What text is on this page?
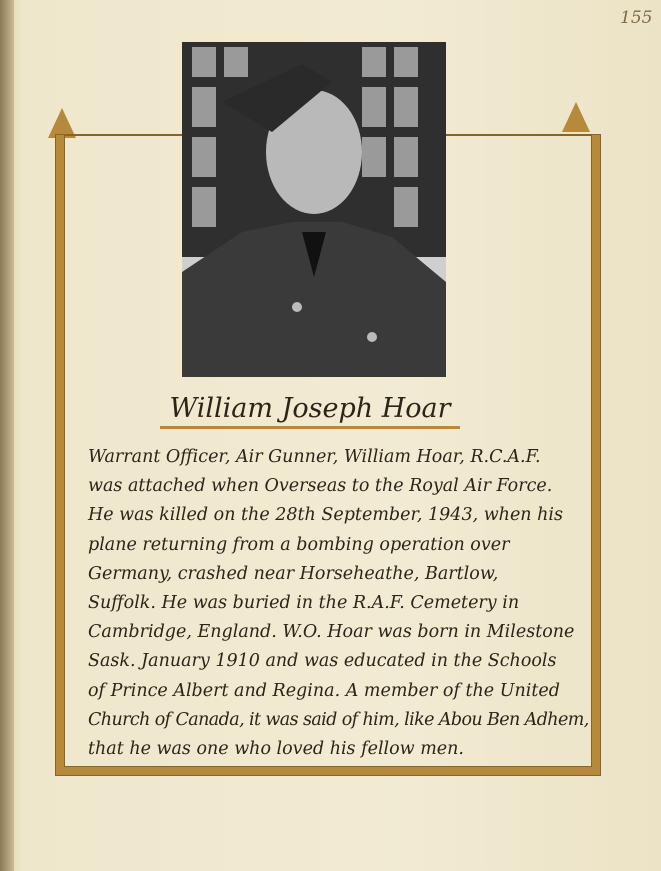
155
William Joseph Hoar
Warrant Officer, Air Gunner, William Hoar, R.C.A.F.
was attached when Overseas to the Royal Air Force.
He was killed on the 28th September, 1943, when his
plane returning from a bombing operation over
Germany, crashed near Horseheathe, Bartlow,
Suffolk. He was buried in the R.A.F. Cemetery in
Cambridge, England. W.O. Hoar was born in Milestone
Sask. January 1910 and was educated in the Schools
of Prince Albert and Regina. A member of the United
Church of Canada, it was said of him, like Abou Ben Adhem,
that he was one who loved his fellow men.
